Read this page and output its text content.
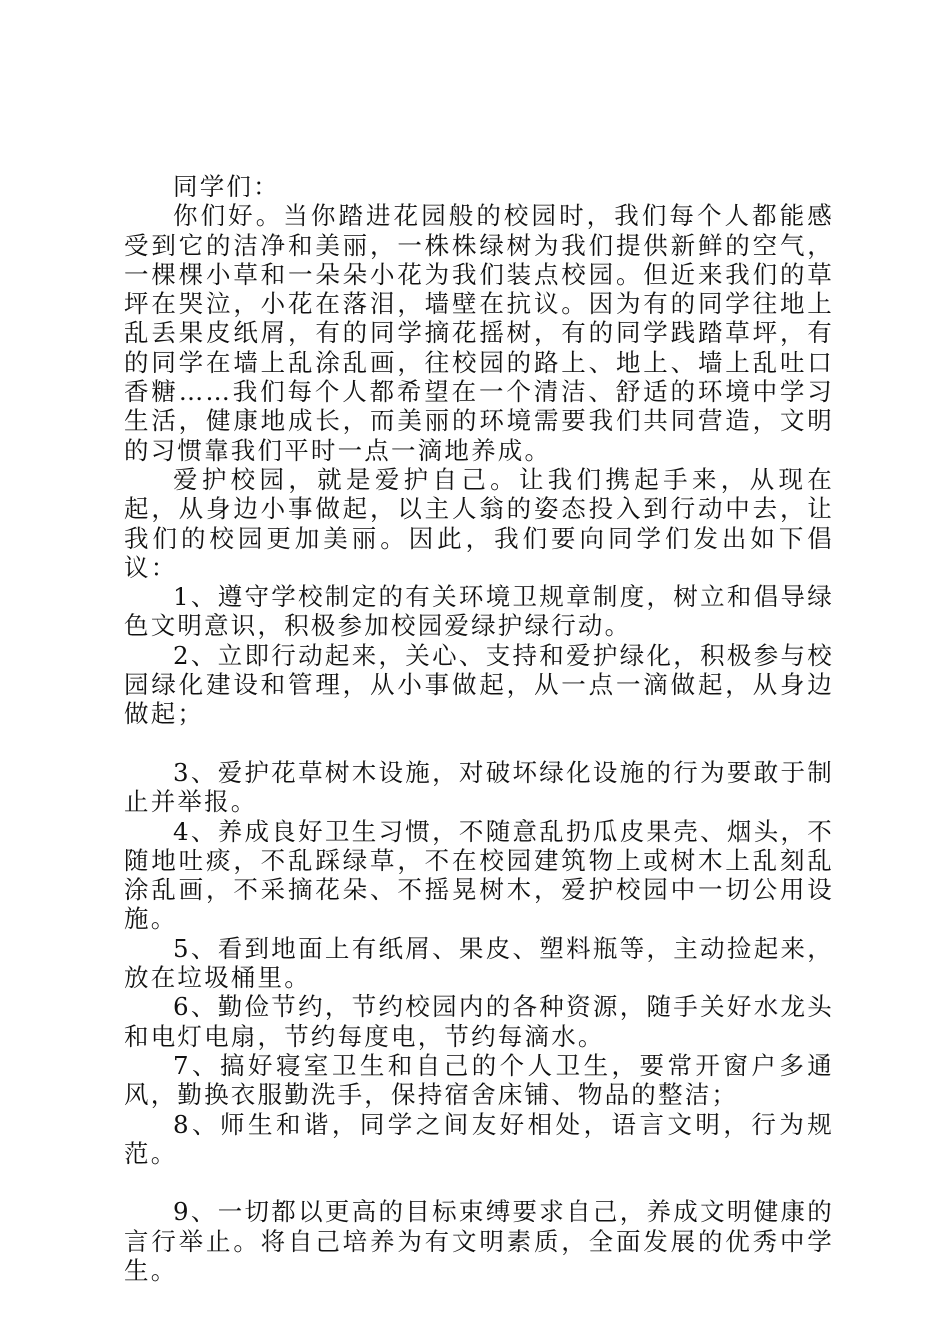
同学们：

你们好。当你踏进花园般的校园时，我们每个人都能感受到它的洁净和美丽，一株株绿树为我们提供新鲜的空气，一棵棵小草和一朵朵小花为我们装点校园。但近来我们的草坪在哭泣，小花在落泪，墙壁在抗议。因为有的同学往地上乱丢果皮纸屑，有的同学摘花摇树，有的同学践踏草坪，有的同学在墙上乱涂乱画，往校园的路上、地上、墙上乱吐口香糖……我们每个人都希望在一个清洁、舒适的环境中学习生活，健康地成长，而美丽的环境需要我们共同营造，文明的习惯靠我们平时一点一滴地养成。

爱护校园，就是爱护自己。让我们携起手来，从现在起，从身边小事做起，以主人翁的姿态投入到行动中去，让我们的校园更加美丽。因此，我们要向同学们发出如下倡议：

1、遵守学校制定的有关环境卫规章制度，树立和倡导绿色文明意识，积极参加校园爱绿护绿行动。

2、立即行动起来，关心、支持和爱护绿化，积极参与校园绿化建设和管理，从小事做起，从一点一滴做起，从身边做起；

3、爱护花草树木设施，对破坏绿化设施的行为要敢于制止并举报。

4、养成良好卫生习惯，不随意乱扔瓜皮果壳、烟头，不随地吐痰，不乱踩绿草，不在校园建筑物上或树木上乱刻乱涂乱画，不采摘花朵、不摇晃树木，爱护校园中一切公用设施。

5、看到地面上有纸屑、果皮、塑料瓶等，主动捡起来，放在垃圾桶里。

6、勤俭节约，节约校园内的各种资源，随手关好水龙头和电灯电扇，节约每度电，节约每滴水。

7、搞好寝室卫生和自己的个人卫生，要常开窗户多通风，勤换衣服勤洗手，保持宿舍床铺、物品的整洁；

8、师生和谐，同学之间友好相处，语言文明，行为规范。

9、一切都以更高的目标束缚要求自己，养成文明健康的言行举止。将自己培养为有文明素质，全面发展的优秀中学生。
